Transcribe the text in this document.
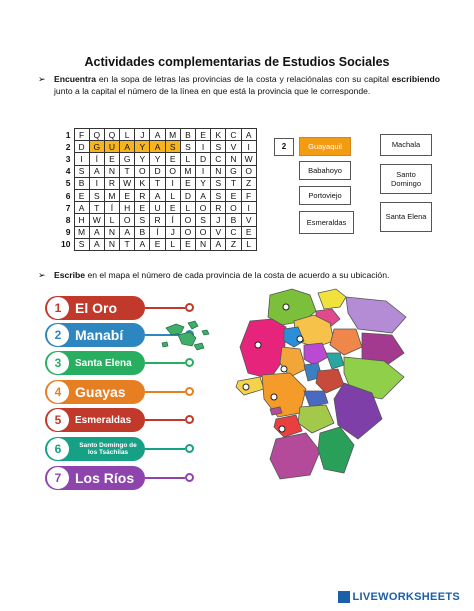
Actividades complementarias de Estudios Sociales
➢ Encuentra en la sopa de letras las provincias de la costa y relaciónalas con su capital escribiendo junto a la capital el número de la línea en que está la provincia que le corresponde.
1	F	Q	Q	L	J	A	M	B	E	K	C	A
2	D	G	U	A	Y	A	S	S	I	S	V	I
3	I	Í	E	G	Y	Y	E	L	D	C	N	W
4	S	A	N	T	O	D	O	M	I	N	G	O
5	B	I	R	W	K	T	I	E	Y	S	T	Z
6	E	S	M	E	R	A	L	D	A	S	E	F
7	A	T	Í	H	E	U	E	L	O	R	O	I
8	H	W	L	O	S	R	Í	O	S	J	B	V
9	M	A	N	A	B	Í	J	O	O	V	C	E
10	S	A	N	T	A	E	L	E	N	A	Z	L
2	Guayaquil
Babahoyo
Portoviejo
Esmeraldas
Machala
Santo Domingo
Santa Elena
➢ Escribe en el mapa el número de cada provincia de la costa de acuerdo a su ubicación.
1 El Oro
2 Manabí
3	Santa Elena
4 Guayas
5	Esmeraldas
6	Santo Domingo de los Tsáchilas
7 Los Ríos
LIVEWORKSHEETS
